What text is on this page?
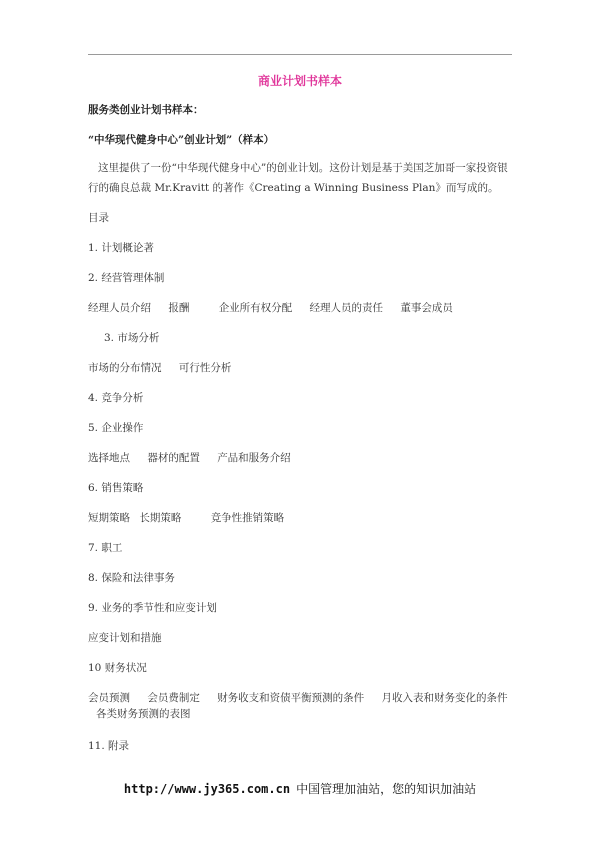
商业计划书样本
服务类创业计划书样本：
“中华现代健身中心”创业计划”（样本）
这里提供了一份“中华现代健身中心”的创业计划。这份计划是基于美国芝加哥一家投资银
行的确良总裁 Mr.Kravitt 的著作《Creating a Winning Business Plan》而写成的。
目录
1. 计划概论著
2. 经营管理体制
经理人员介绍 报酬	企业所有权分配 经理人员的责任 董事会成员
3. 市场分析
市场的分布情况 可行性分析
4. 竞争分析
5. 企业操作
选择地点 器材的配置 产品和服务介绍
6. 销售策略
短期策略 长期策略	竞争性推销策略
7. 职工
8. 保险和法律事务
9. 业务的季节性和应变计划
应变计划和措施
10 财务状况
会员预测 会员费制定 财务收支和资债平衡预测的条件 月收入表和财务变化的条件
各类财务预测的表图
11. 附录
http://www.jy365.com.cn 中国管理加油站，您的知识加油站
